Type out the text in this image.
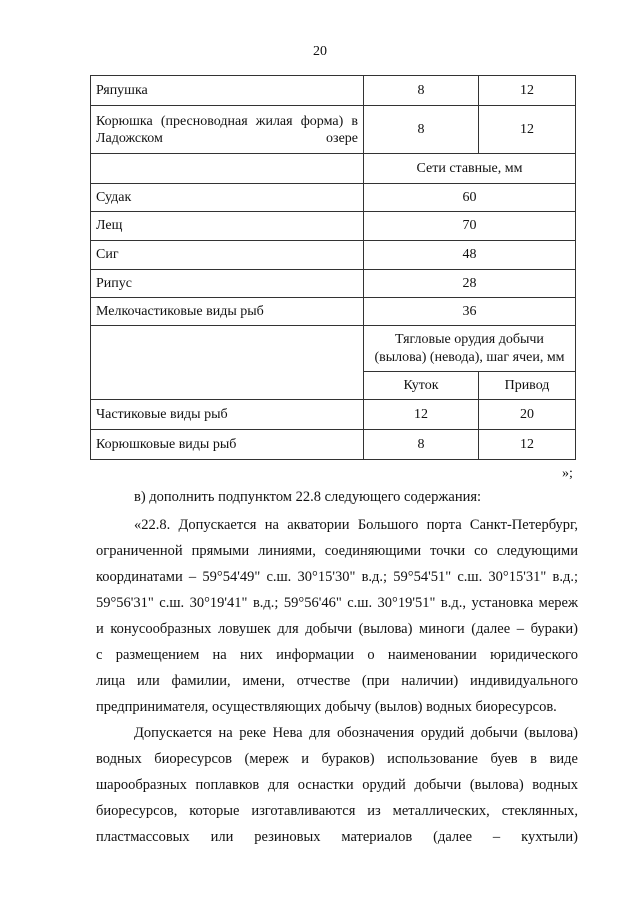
20
Ряпушка	8	12
Корюшка (пресноводная жилая форма) в Ладожском озере	8	12
	Сети ставные, мм	
Судак	60	
Лещ	70	
Сиг	48	
Рипус	28	
Мелкочастиковые виды рыб	36	
	Тягловые орудия добычи (вылова) (невода), шаг ячеи, мм	
	Куток	Привод
Частиковые виды рыб	12	20
Корюшковые виды рыб	8	12
»;
в) дополнить подпунктом 22.8 следующего содержания:
«22.8. Допускается на акватории Большого порта Санкт-Петербург,
ограниченной прямыми линиями, соединяющими точки со следующими
координатами – 59°54'49" с.ш. 30°15'30" в.д.; 59°54'51" с.ш. 30°15'31" в.д.;
59°56'31" с.ш. 30°19'41" в.д.; 59°56'46" с.ш. 30°19'51" в.д., установка мереж
и конусообразных ловушек для добычи (вылова) миноги (далее – бураки)
с размещением на них информации о наименовании юридического
лица или фамилии, имени, отчестве (при наличии) индивидуального
предпринимателя, осуществляющих добычу (вылов) водных биоресурсов.
Допускается на реке Нева для обозначения орудий добычи (вылова)
водных биоресурсов (мереж и бураков) использование буев в виде
шарообразных поплавков для оснастки орудий добычи (вылова) водных
биоресурсов, которые изготавливаются из металлических, стеклянных,
пластмассовых или резиновых материалов (далее – кухтыли)
